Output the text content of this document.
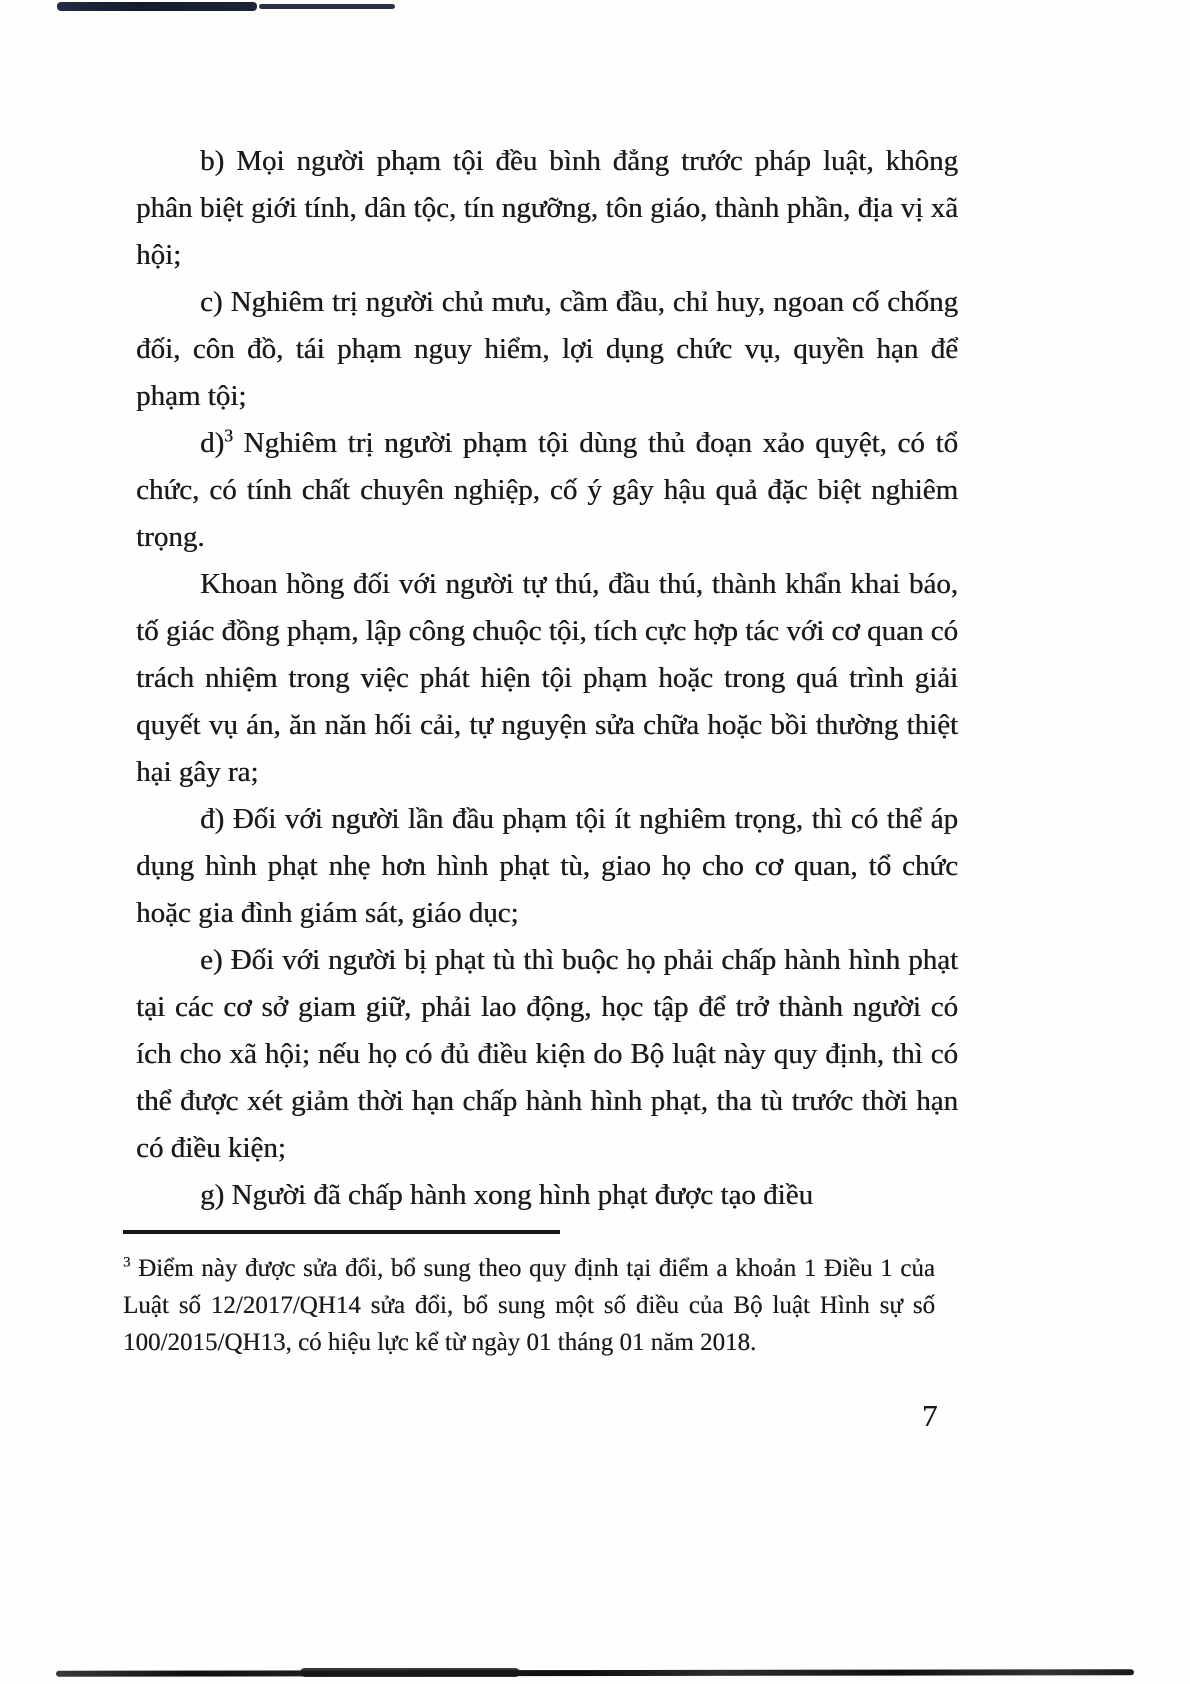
b) Mọi người phạm tội đều bình đẳng trước pháp luật, không phân biệt giới tính, dân tộc, tín ngưỡng, tôn giáo, thành phần, địa vị xã hội;

c) Nghiêm trị người chủ mưu, cầm đầu, chỉ huy, ngoan cố chống đối, côn đồ, tái phạm nguy hiểm, lợi dụng chức vụ, quyền hạn để phạm tội;

d)$^3$ Nghiêm trị người phạm tội dùng thủ đoạn xảo quyệt, có tổ chức, có tính chất chuyên nghiệp, cố ý gây hậu quả đặc biệt nghiêm trọng.

Khoan hồng đối với người tự thú, đầu thú, thành khẩn khai báo, tố giác đồng phạm, lập công chuộc tội, tích cực hợp tác với cơ quan có trách nhiệm trong việc phát hiện tội phạm hoặc trong quá trình giải quyết vụ án, ăn năn hối cải, tự nguyện sửa chữa hoặc bồi thường thiệt hại gây ra;

đ) Đối với người lần đầu phạm tội ít nghiêm trọng, thì có thể áp dụng hình phạt nhẹ hơn hình phạt tù, giao họ cho cơ quan, tổ chức hoặc gia đình giám sát, giáo dục;

e) Đối với người bị phạt tù thì buộc họ phải chấp hành hình phạt tại các cơ sở giam giữ, phải lao động, học tập để trở thành người có ích cho xã hội; nếu họ có đủ điều kiện do Bộ luật này quy định, thì có thể được xét giảm thời hạn chấp hành hình phạt, tha tù trước thời hạn có điều kiện;

g) Người đã chấp hành xong hình phạt được tạo điều

$^3$ Điểm này được sửa đổi, bổ sung theo quy định tại điểm a khoản 1 Điều 1 của Luật số 12/2017/QH14 sửa đổi, bổ sung một số điều của Bộ luật Hình sự số 100/2015/QH13, có hiệu lực kể từ ngày 01 tháng 01 năm 2018.

7
